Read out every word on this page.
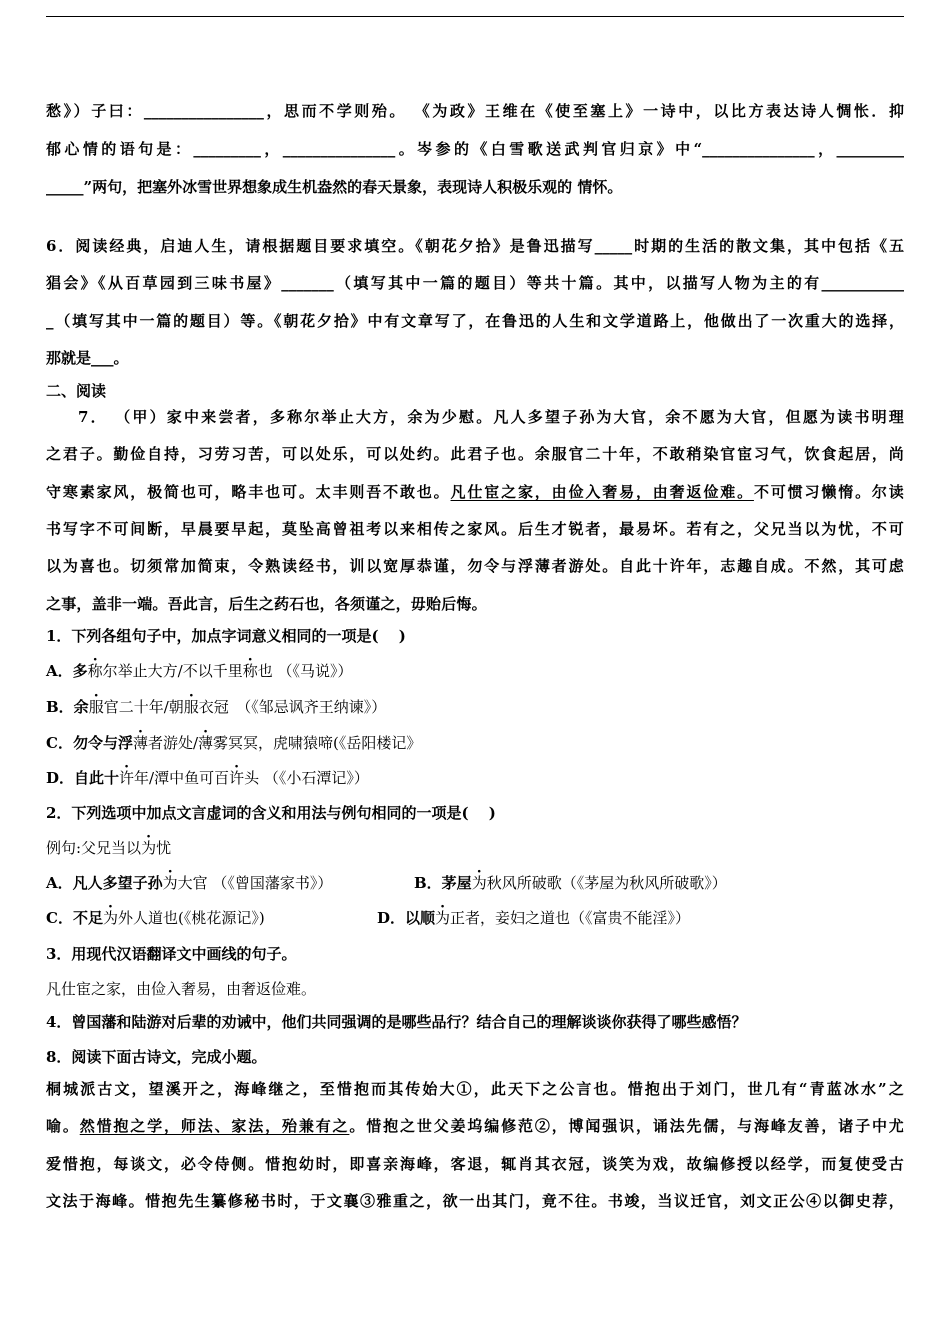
愁》）子曰：________________，思而不学则殆。 《为政》王维在《使至塞上》一诗中，以比方表达诗人惆怅．抑
郁心情的语句是：_________，_______________。岑参的《白雪歌送武判官归京》中“_______________，_________
_____”两句，把塞外冰雪世界想象成生机盎然的春天景象，表现诗人积极乐观的 情怀。
6．阅读经典，启迪人生，请根据题目要求填空。《朝花夕拾》是鲁迅描写_____时期的生活的散文集，其中包括《五
猖会》《从百草园到三味书屋》_______（填写其中一篇的题目）等共十篇。其中，以描写人物为主的有___________
_（填写其中一篇的题目）等。《朝花夕拾》中有文章写了，在鲁迅的人生和文学道路上，他做出了一次重大的选择，
那就是___。
二、阅读
7． （甲）家中来尝者，多称尔举止大方，余为少慰。凡人多望子孙为大官，余不愿为大官，但愿为读书明理
之君子。勤俭自持，习劳习苦，可以处乐，可以处约。此君子也。余服官二十年，不敢稍染官宦习气，饮食起居，尚
守寒素家风，极简也可，略丰也可。太丰则吾不敢也。凡仕宦之家，由俭入奢易，由奢返俭难。不可惯习懒惰。尔读
书写字不可间断，早晨要早起，莫坠高曾祖考以来相传之家风。后生才锐者，最易坏。若有之，父兄当以为忧，不可
以为喜也。切须常加简束，令熟读经书，训以宽厚恭谨，勿令与浮薄者游处。自此十许年，志趣自成。不然，其可虑
之事，盖非一端。吾此言，后生之药石也，各须谨之，毋贻后悔。
1．下列各组句子中，加点字词意义相同的一项是(　 )
A．多称尔举止大方/不以千里称也 （《马说》）
B．余服官二十年/朝服衣冠　（《邹忌讽齐王纳谏》）
C．勿令与浮薄者游处/薄雾冥冥，虎啸猿啼(《岳阳楼记》
D．自此十许年/潭中鱼可百许头 （《小石潭记》）
2．下列选项中加点文言虚词的含义和用法与例句相同的一项是(　 )
例句:父兄当以为忧
A．凡人多望子孙为大官 （《曾国藩家书》）	B．茅屋为秋风所破歌（《茅屋为秋风所破歌》）
C．不足为外人道也(《桃花源记》)	D．以顺为正者，妾妇之道也（《富贵不能淫》）
3．用现代汉语翻译文中画线的句子。
凡仕宦之家，由俭入奢易，由奢返俭难。
4．曾国藩和陆游对后辈的劝诫中，他们共同强调的是哪些品行？结合自己的理解谈谈你获得了哪些感悟？
8．阅读下面古诗文，完成小题。
桐城派古文，望溪开之，海峰继之，至惜抱而其传始大①，此天下之公言也。惜抱出于刘门，世几有“青蓝冰水”之
喻。然惜抱之学，师法、家法，殆兼有之。惜抱之世父姜坞编修范②，博闻强识，诵法先儒，与海峰友善，诸子中尤
爱惜抱，每谈文，必令侍侧。惜抱幼时，即喜亲海峰，客退，辄肖其衣冠，谈笑为戏，故编修授以经学，而复使受古
文法于海峰。惜抱先生纂修秘书时，于文襄③雅重之，欲一出其门，竟不往。书竣，当议迁官，刘文正公④以御史荐，
